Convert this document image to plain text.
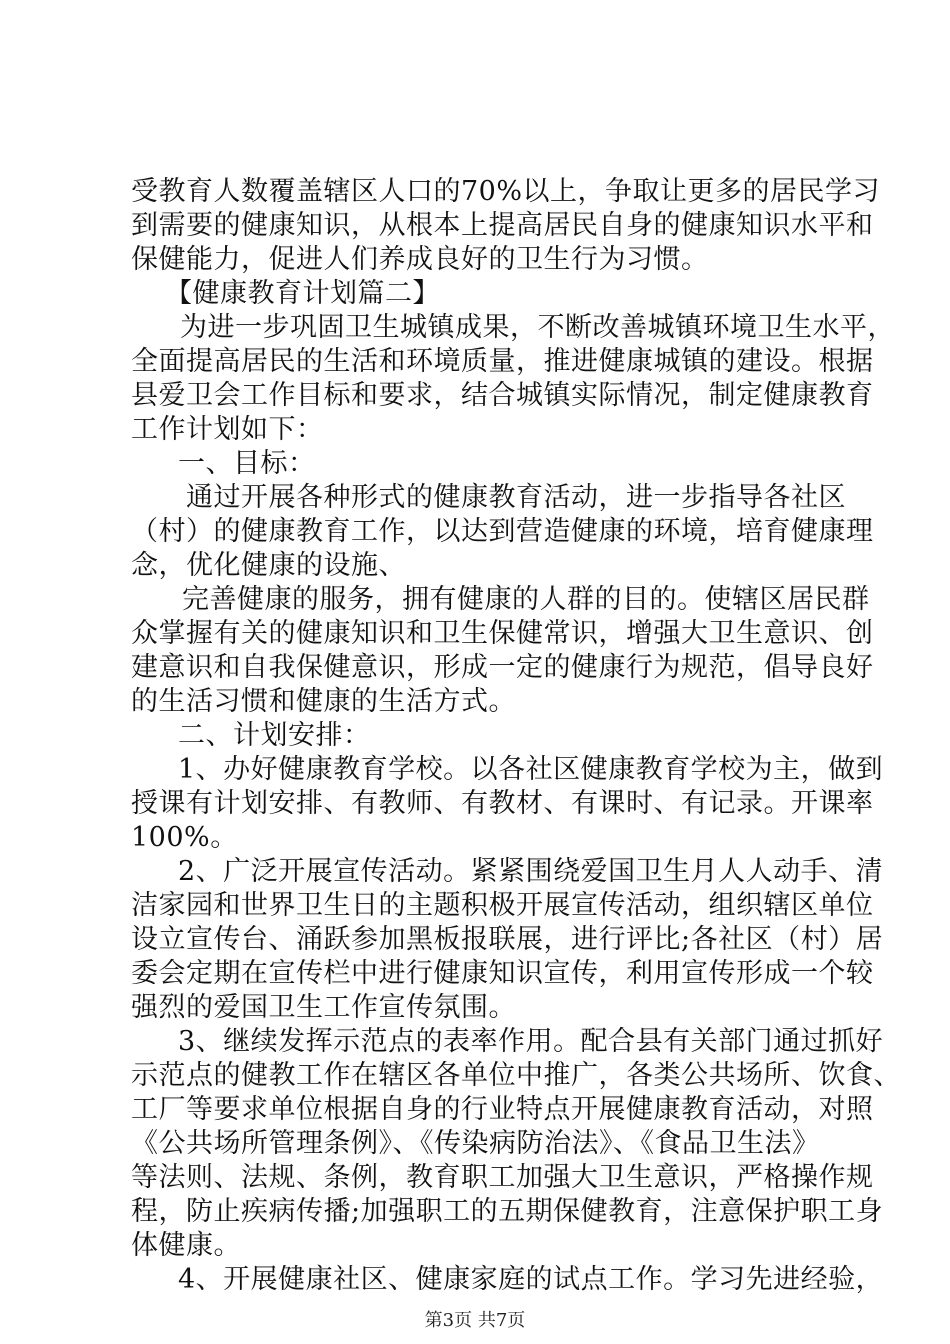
受教育人数覆盖辖区人口的70%以上，争取让更多的居民学习
到需要的健康知识，从根本上提高居民自身的健康知识水平和
保健能力，促进人们养成良好的卫生行为习惯。
【健康教育计划篇二】
为进一步巩固卫生城镇成果，不断改善城镇环境卫生水平，
全面提高居民的生活和环境质量，推进健康城镇的建设。根据
县爱卫会工作目标和要求，结合城镇实际情况，制定健康教育
工作计划如下：
一、目标：
通过开展各种形式的健康教育活动，进一步指导各社区
（村）的健康教育工作，以达到营造健康的环境，培育健康理
念，优化健康的设施、
完善健康的服务，拥有健康的人群的目的。使辖区居民群
众掌握有关的健康知识和卫生保健常识，增强大卫生意识、创
建意识和自我保健意识，形成一定的健康行为规范，倡导良好
的生活习惯和健康的生活方式。
二、计划安排：
1、办好健康教育学校。以各社区健康教育学校为主，做到
授课有计划安排、有教师、有教材、有课时、有记录。开课率
100%。
2、广泛开展宣传活动。紧紧围绕爱国卫生月人人动手、清
洁家园和世界卫生日的主题积极开展宣传活动，组织辖区单位
设立宣传台、涌跃参加黑板报联展，进行评比;各社区（村）居
委会定期在宣传栏中进行健康知识宣传，利用宣传形成一个较
强烈的爱国卫生工作宣传氛围。
3、继续发挥示范点的表率作用。配合县有关部门通过抓好
示范点的健教工作在辖区各单位中推广，各类公共场所、饮食、
工厂等要求单位根据自身的行业特点开展健康教育活动，对照
《公共场所管理条例》、《传染病防治法》、《食品卫生法》
等法则、法规、条例，教育职工加强大卫生意识，严格操作规
程，防止疾病传播;加强职工的五期保健教育，注意保护职工身
体健康。
4、开展健康社区、健康家庭的试点工作。学习先进经验，
第3页 共7页
